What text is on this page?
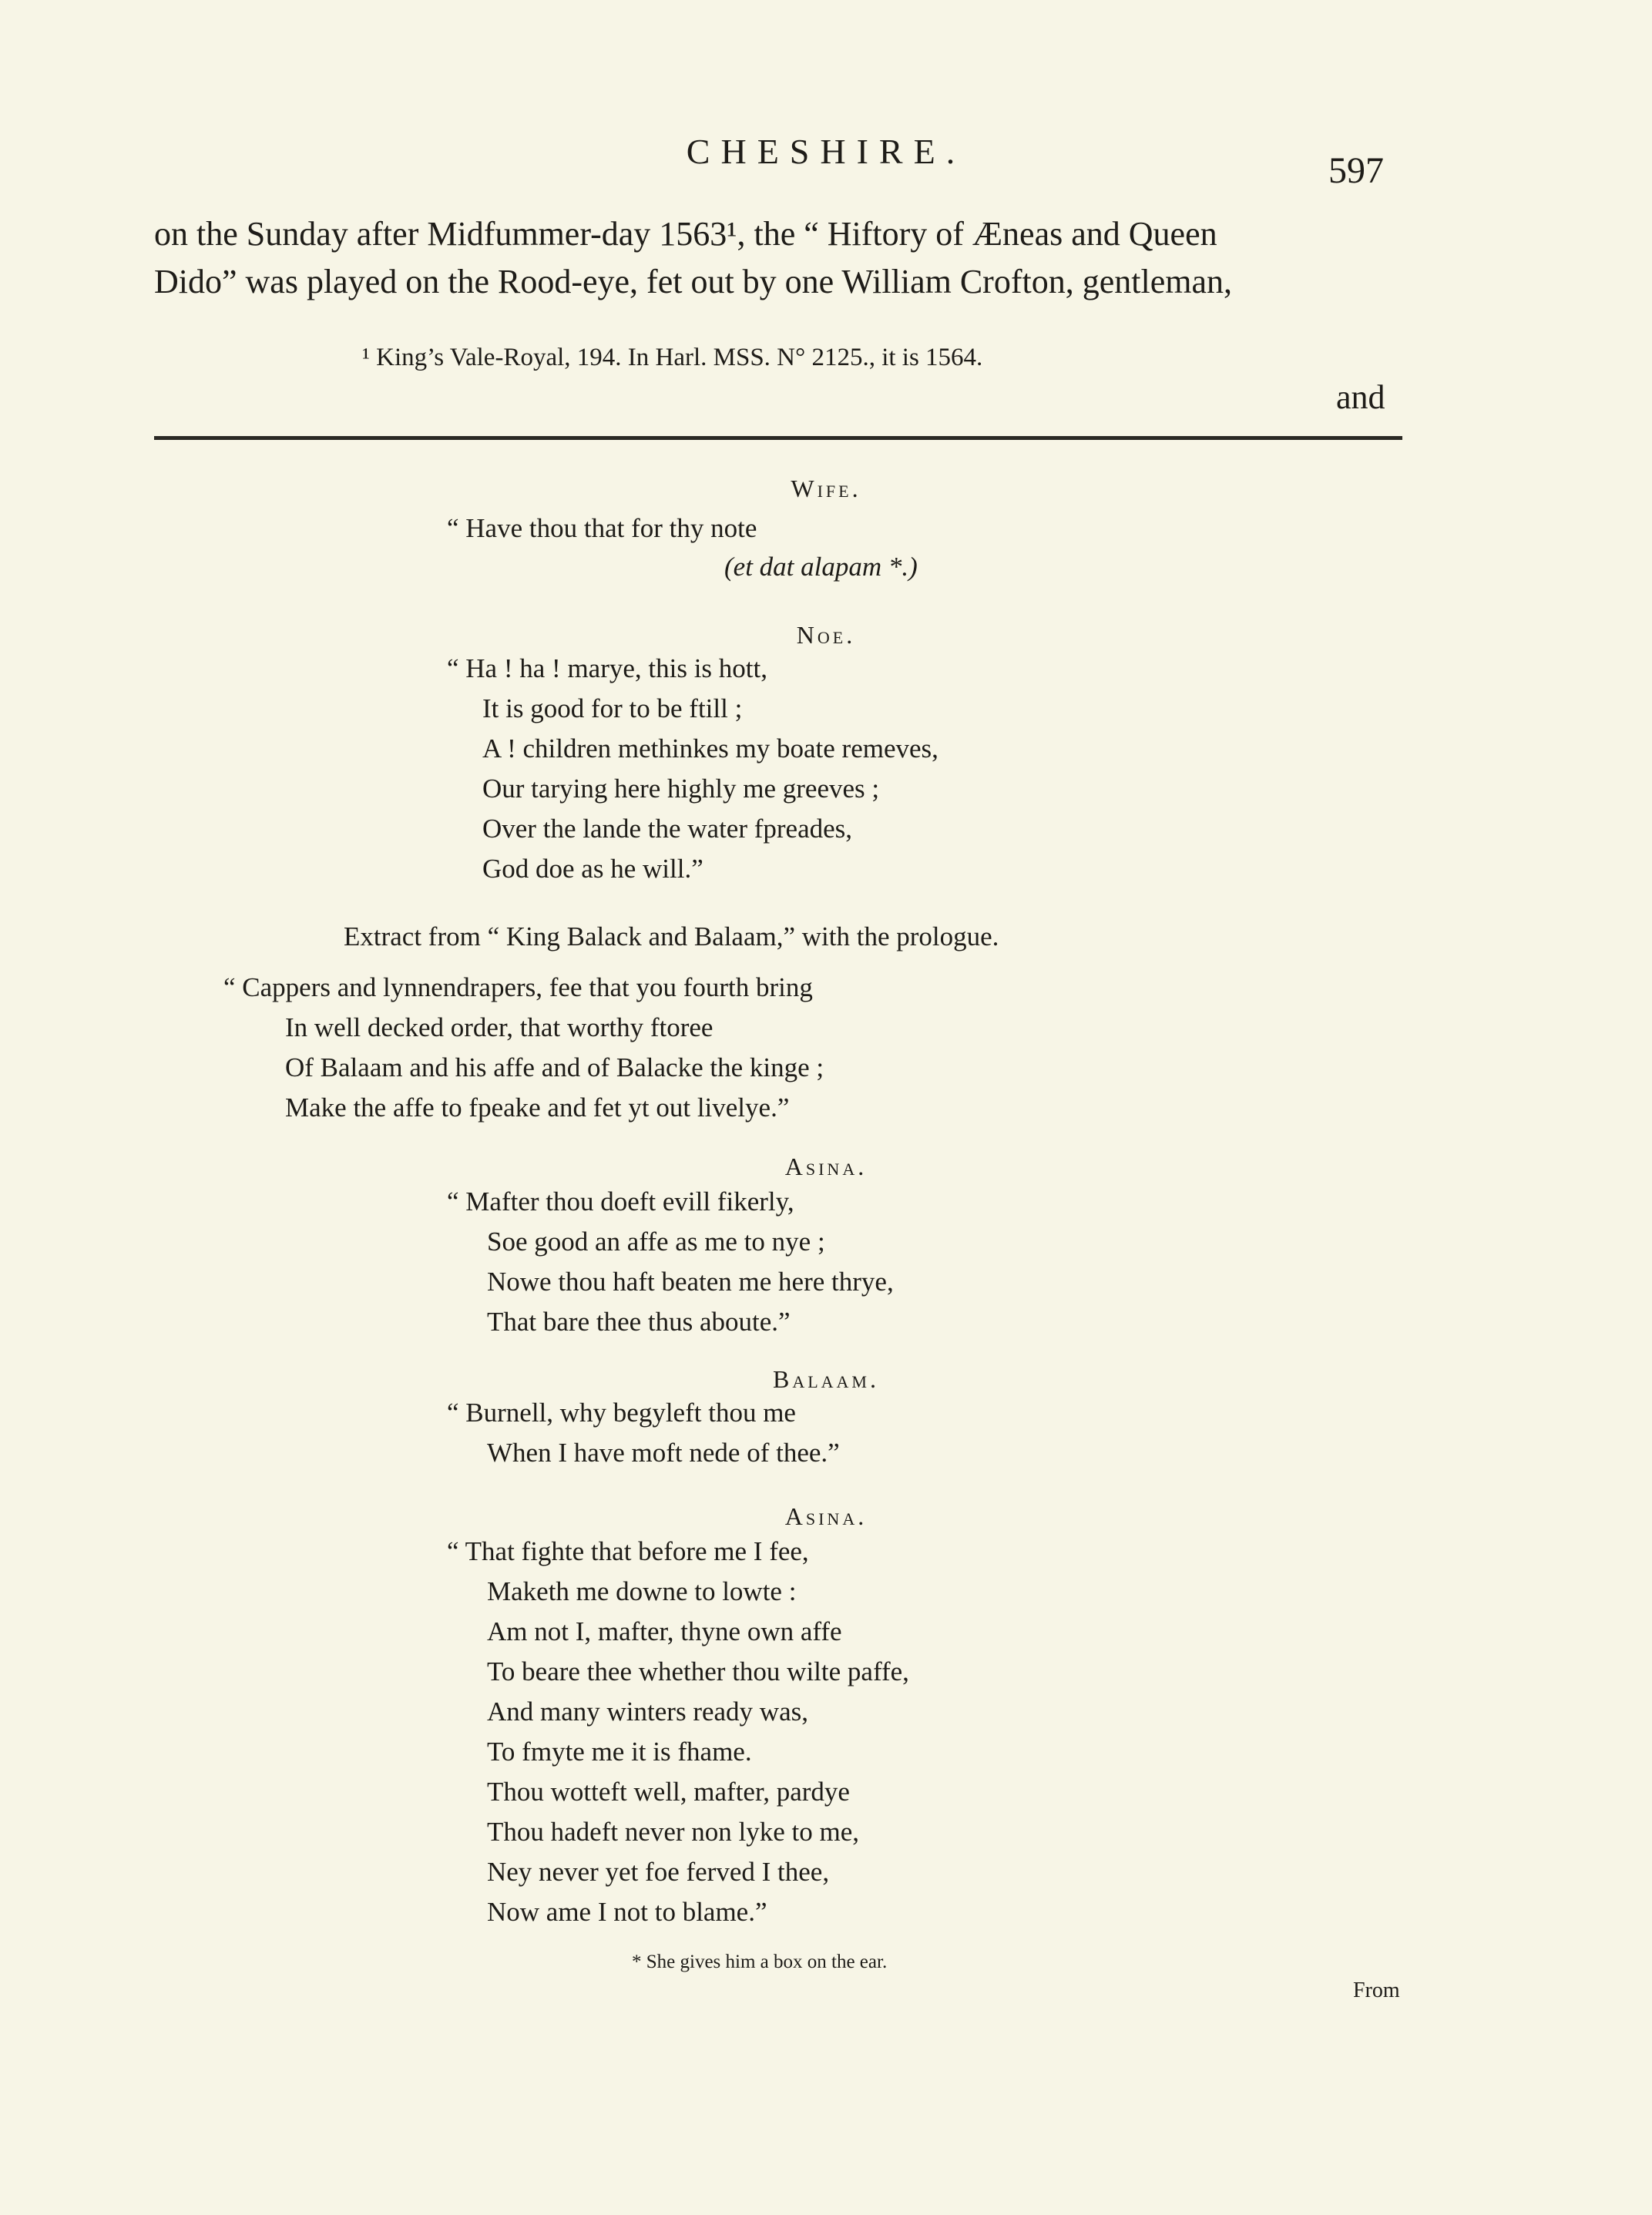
CHESHIRE.	597
on the Sunday after Midfummer-day 1563¹, the “ Hiftory of Æneas and Queen
Dido” was played on the Rood-eye, fet out by one William Crofton, gentleman,
¹ King’s Vale-Royal, 194. In Harl. MSS. N° 2125., it is 1564.
and
Wife.
“ Have thou that for thy note
(et dat alapam *.)
Noe.
“ Ha ! ha ! marye, this is hott,
It is good for to be ftill ;
A ! children methinkes my boate remeves,
Our tarying here highly me greeves ;
Over the lande the water fpreades,
God doe as he will.”
Extract from “ King Balack and Balaam,” with the prologue.
“ Cappers and lynnendrapers, fee that you fourth bring
In well decked order, that worthy ftoree
Of Balaam and his affe and of Balacke the kinge ;
Make the affe to fpeake and fet yt out livelye.”
Asina.
“ Mafter thou doeft evill fikerly,
Soe good an affe as me to nye ;
Nowe thou haft beaten me here thrye,
That bare thee thus aboute.”
Balaam.
“ Burnell, why begyleft thou me
When I have moft nede of thee.”
Asina.
“ That fighte that before me I fee,
Maketh me downe to lowte :
Am not I, mafter, thyne own affe
To beare thee whether thou wilte paffe,
And many winters ready was,
To fmyte me it is fhame.
Thou wotteft well, mafter, pardye
Thou hadeft never non lyke to me,
Ney never yet foe ferved I thee,
Now ame I not to blame.”
* She gives him a box on the ear.
From
